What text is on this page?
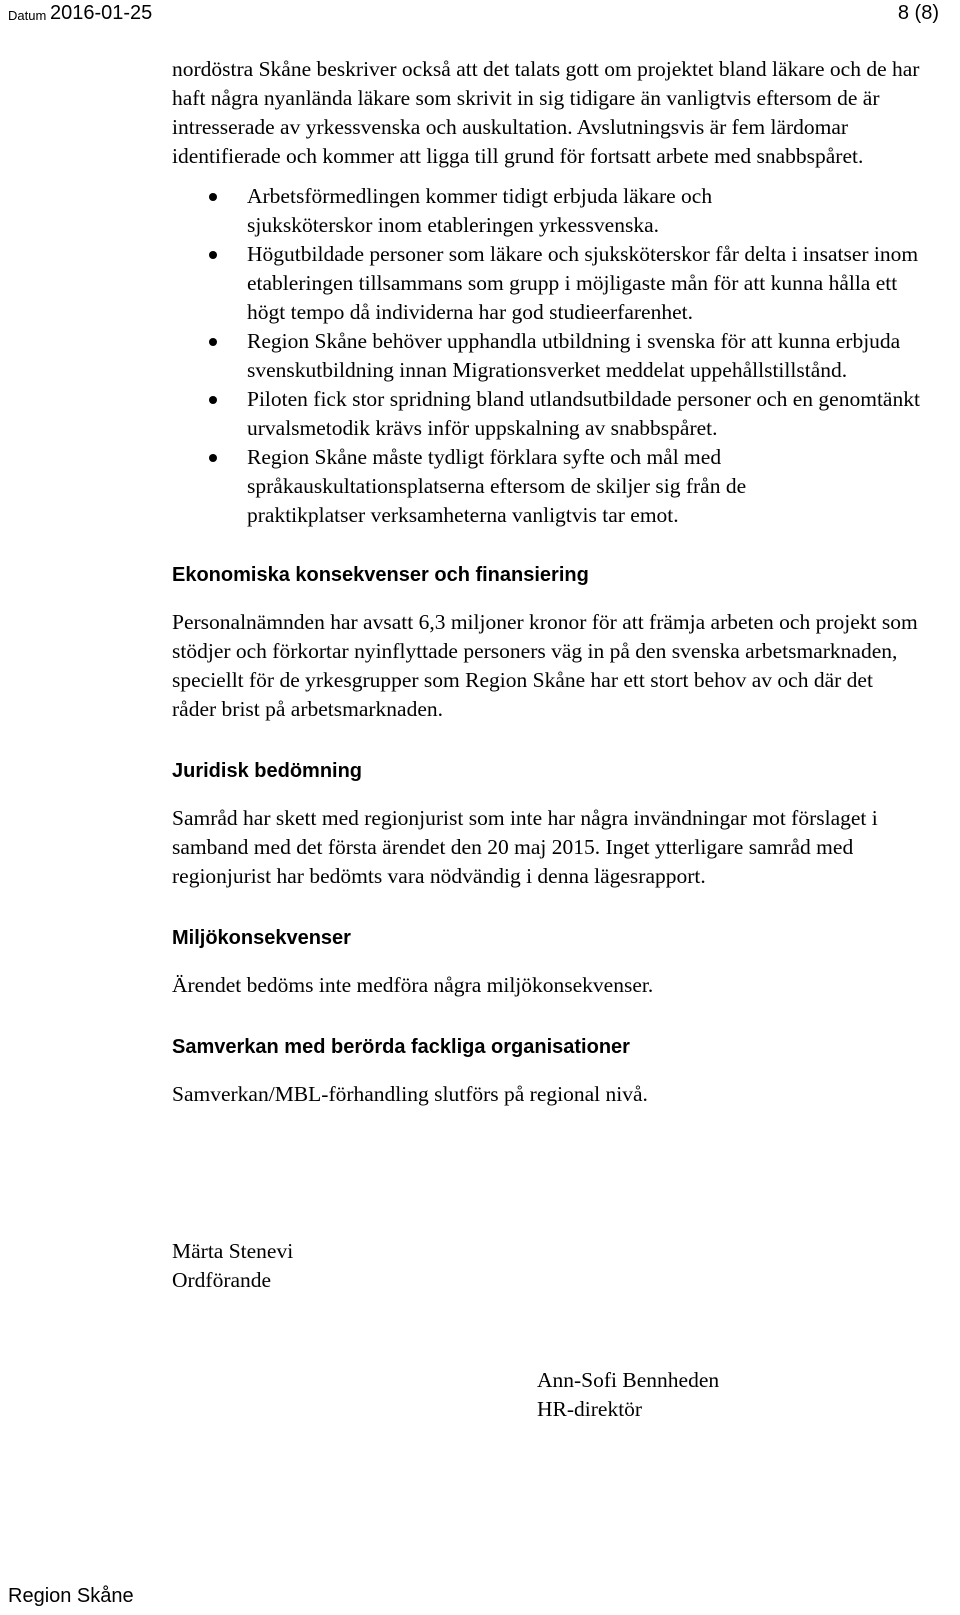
Datum 2016-01-25	8 (8)

nordöstra Skåne beskriver också att det talats gott om projektet bland läkare och de har haft några nyanlända läkare som skrivit in sig tidigare än vanligtvis eftersom de är intresserade av yrkessvenska och auskultation. Avslutningsvis är fem lärdomar identifierade och kommer att ligga till grund för fortsatt arbete med snabbspåret.

Arbetsförmedlingen kommer tidigt erbjuda läkare och sjuksköterskor inom etableringen yrkessvenska.
Högutbildade personer som läkare och sjuksköterskor får delta i insatser inom etableringen tillsammans som grupp i möjligaste mån för att kunna hålla ett högt tempo då individerna har god studieerfarenhet.
Region Skåne behöver upphandla utbildning i svenska för att kunna erbjuda svenskutbildning innan Migrationsverket meddelat uppehållstillstånd.
Piloten fick stor spridning bland utlandsutbildade personer och en genomtänkt urvalsmetodik krävs inför uppskalning av snabbspåret.
Region Skåne måste tydligt förklara syfte och mål med språkauskultationsplatserna eftersom de skiljer sig från de praktikplatser verksamheterna vanligtvis tar emot.
Ekonomiska konsekvenser och finansiering

Personalnämnden har avsatt 6,3 miljoner kronor för att främja arbeten och projekt som stödjer och förkortar nyinflyttade personers väg in på den svenska arbetsmarknaden, speciellt för de yrkesgrupper som Region Skåne har ett stort behov av och där det råder brist på arbetsmarknaden.

Juridisk bedömning

Samråd har skett med regionjurist som inte har några invändningar mot förslaget i samband med det första ärendet den 20 maj 2015. Inget ytterligare samråd med regionjurist har bedömts vara nödvändig i denna lägesrapport.

Miljökonsekvenser

Ärendet bedöms inte medföra några miljökonsekvenser.

Samverkan med berörda fackliga organisationer

Samverkan/MBL-förhandling slutförs på regional nivå.

Märta Stenevi
Ordförande
Ann-Sofi Bennheden
HR-direktör
Region Skåne
